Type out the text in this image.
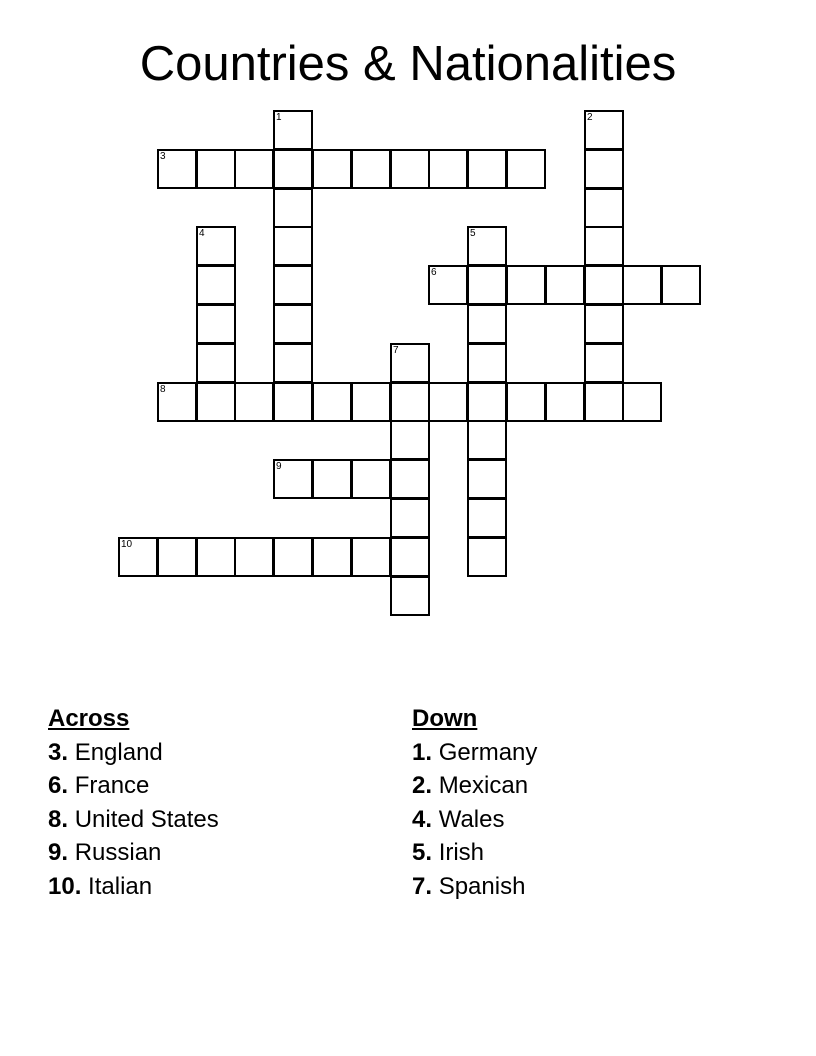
Countries & Nationalities
1	2
3
4	5
6
7
8
9
10
Across
3. England
6. France
8. United States
9. Russian
10. Italian
Down
1. Germany
2. Mexican
4. Wales
5. Irish
7. Spanish
